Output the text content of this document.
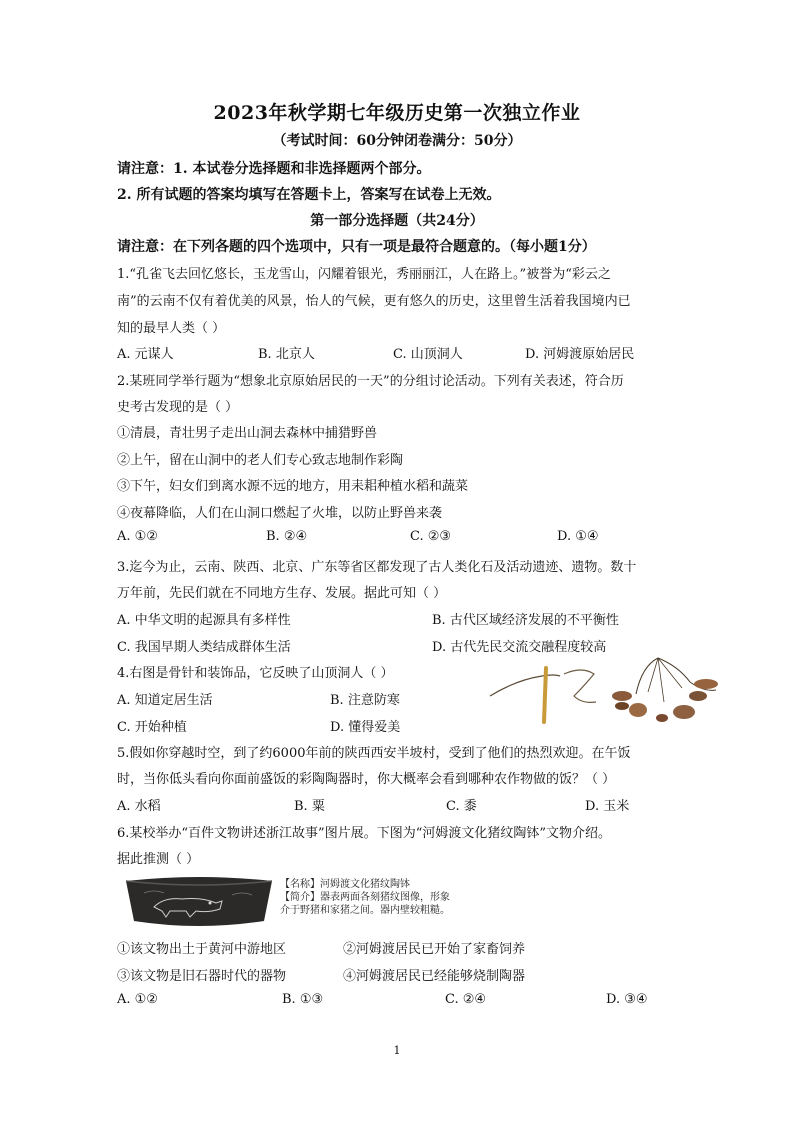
2023年秋学期七年级历史第一次独立作业
（考试时间：60分钟闭卷满分：50分）
请注意：1. 本试卷分选择题和非选择题两个部分。
2. 所有试题的答案均填写在答题卡上，答案写在试卷上无效。
第一部分选择题（共24分）
请注意：在下列各题的四个选项中，只有一项是最符合题意的。（每小题1分）
1.“孔雀飞去回忆悠长，玉龙雪山，闪耀着银光，秀丽丽江，人在路上。”被誉为“彩云之
南”的云南不仅有着优美的风景，怡人的气候，更有悠久的历史，这里曾生活着我国境内已
知的最早人类（ ）
A. 元谋人	B. 北京人	C. 山顶洞人	D. 河姆渡原始居民
2.某班同学举行题为“想象北京原始居民的一天”的分组讨论活动。下列有关表述，符合历
史考古发现的是（ ）
①清晨，青壮男子走出山洞去森林中捕猎野兽
②上午，留在山洞中的老人们专心致志地制作彩陶
③下午，妇女们到离水源不远的地方，用耒耜种植水稻和蔬菜
④夜幕降临，人们在山洞口燃起了火堆，以防止野兽来袭
A. ①②	B. ②④	C. ②③	D. ①④
3.迄今为止，云南、陕西、北京、广东等省区都发现了古人类化石及活动遗迹、遗物。数十
万年前，先民们就在不同地方生存、发展。据此可知（ ）
A. 中华文明的起源具有多样性	B. 古代区域经济发展的不平衡性
C. 我国早期人类结成群体生活	D. 古代先民交流交融程度较高
4.右图是骨针和装饰品，它反映了山顶洞人（ ）
A. 知道定居生活	B. 注意防寒
C. 开始种植	D. 懂得爱美
5.假如你穿越时空，到了约6000年前的陕西西安半坡村，受到了他们的热烈欢迎。在午饭
时，当你低头看向你面前盛饭的彩陶陶器时，你大概率会看到哪种农作物做的饭？（ ）
A. 水稻	B. 粟	C. 黍	D. 玉米
6.某校举办“百件文物讲述浙江故事”图片展。下图为“河姆渡文化猪纹陶钵”文物介绍。
据此推测（ ）
【名称】河姆渡文化猪纹陶钵
【简介】器表两面各刻猪纹图像，形象
介于野猪和家猪之间。器内壁较粗糙。
①该文物出土于黄河中游地区	②河姆渡居民已开始了家畜饲养
③该文物是旧石器时代的器物	④河姆渡居民已经能够烧制陶器
A. ①②	B. ①③	C. ②④	D. ③④
1
